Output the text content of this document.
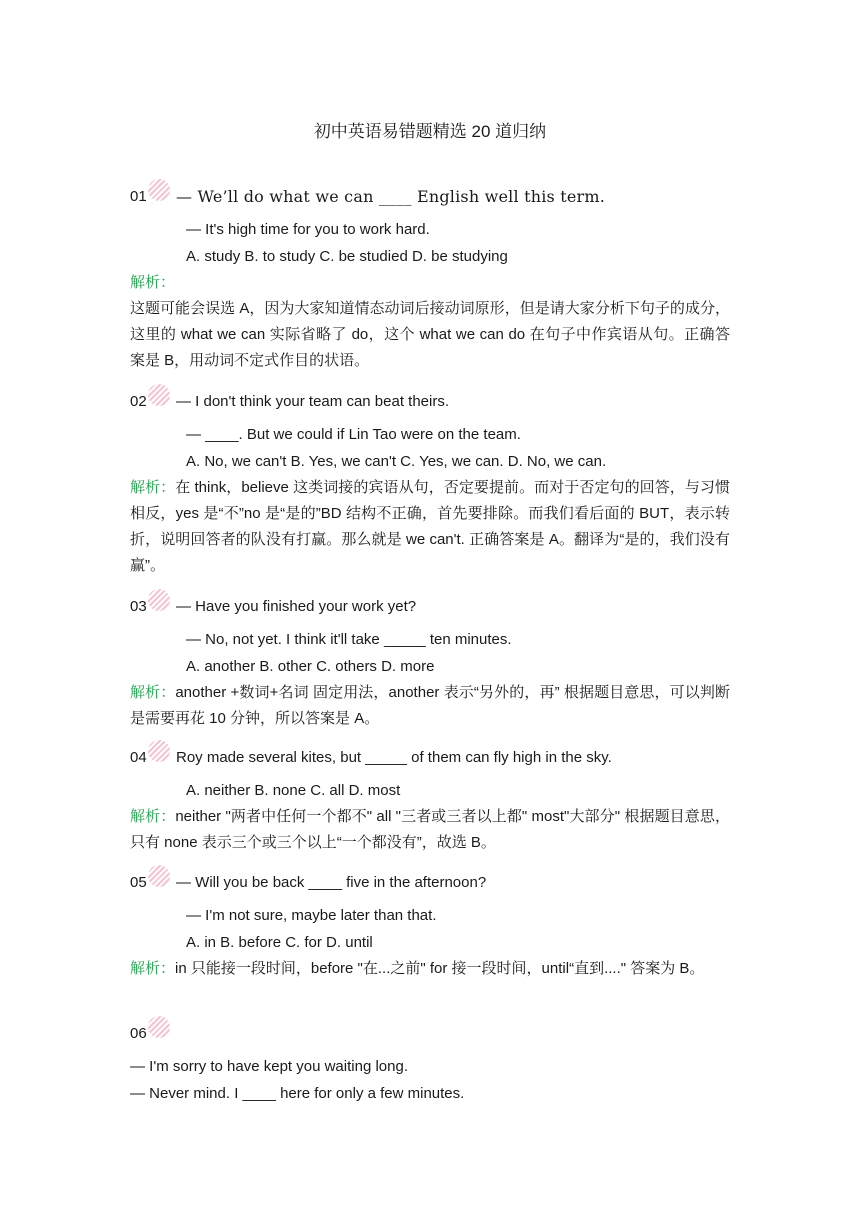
初中英语易错题精选 20 道归纳
01	— We’ll do what we can ____ English well this term.
— It's high time for you to work hard.
A. study B. to study C. be studied D. be studying
解析：
这题可能会误选 A，因为大家知道情态动词后接动词原形，但是请大家分析下句子的成分，这里的 what we can 实际省略了 do，这个 what we can do 在句子中作宾语从句。正确答案是 B，用动词不定式作目的状语。
02	— I don't think your team can beat theirs.
— ____. But we could if Lin Tao were on the team.
A. No, we can't B. Yes, we can't C. Yes, we can. D. No, we can.
解析：在 think，believe 这类词接的宾语从句，否定要提前。而对于否定句的回答，与习惯相反，yes 是“不”no 是“是的”BD 结构不正确，首先要排除。而我们看后面的 BUT，表示转折，说明回答者的队没有打赢。那么就是 we can't. 正确答案是 A。翻译为“是的，我们没有赢”。
03	— Have you finished your work yet?
— No, not yet. I think it'll take _____ ten minutes.
A. another B. other C. others D. more
解析：another +数词+名词 固定用法，another 表示“另外的，再” 根据题目意思，可以判断是需要再花 10 分钟，所以答案是 A。
04	Roy made several kites, but _____ of them can fly high in the sky.
A. neither B. none C. all D. most
解析：neither "两者中任何一个都不" all "三者或三者以上都" most"大部分" 根据题目意思，只有 none 表示三个或三个以上“一个都没有”，故选 B。
05	— Will you be back ____ five in the afternoon?
— I'm not sure, maybe later than that.
A. in B. before C. for D. until
解析：in 只能接一段时间，before "在...之前" for 接一段时间，until“直到...." 答案为 B。
06
— I'm sorry to have kept you waiting long.
— Never mind. I ____ here for only a few minutes.
